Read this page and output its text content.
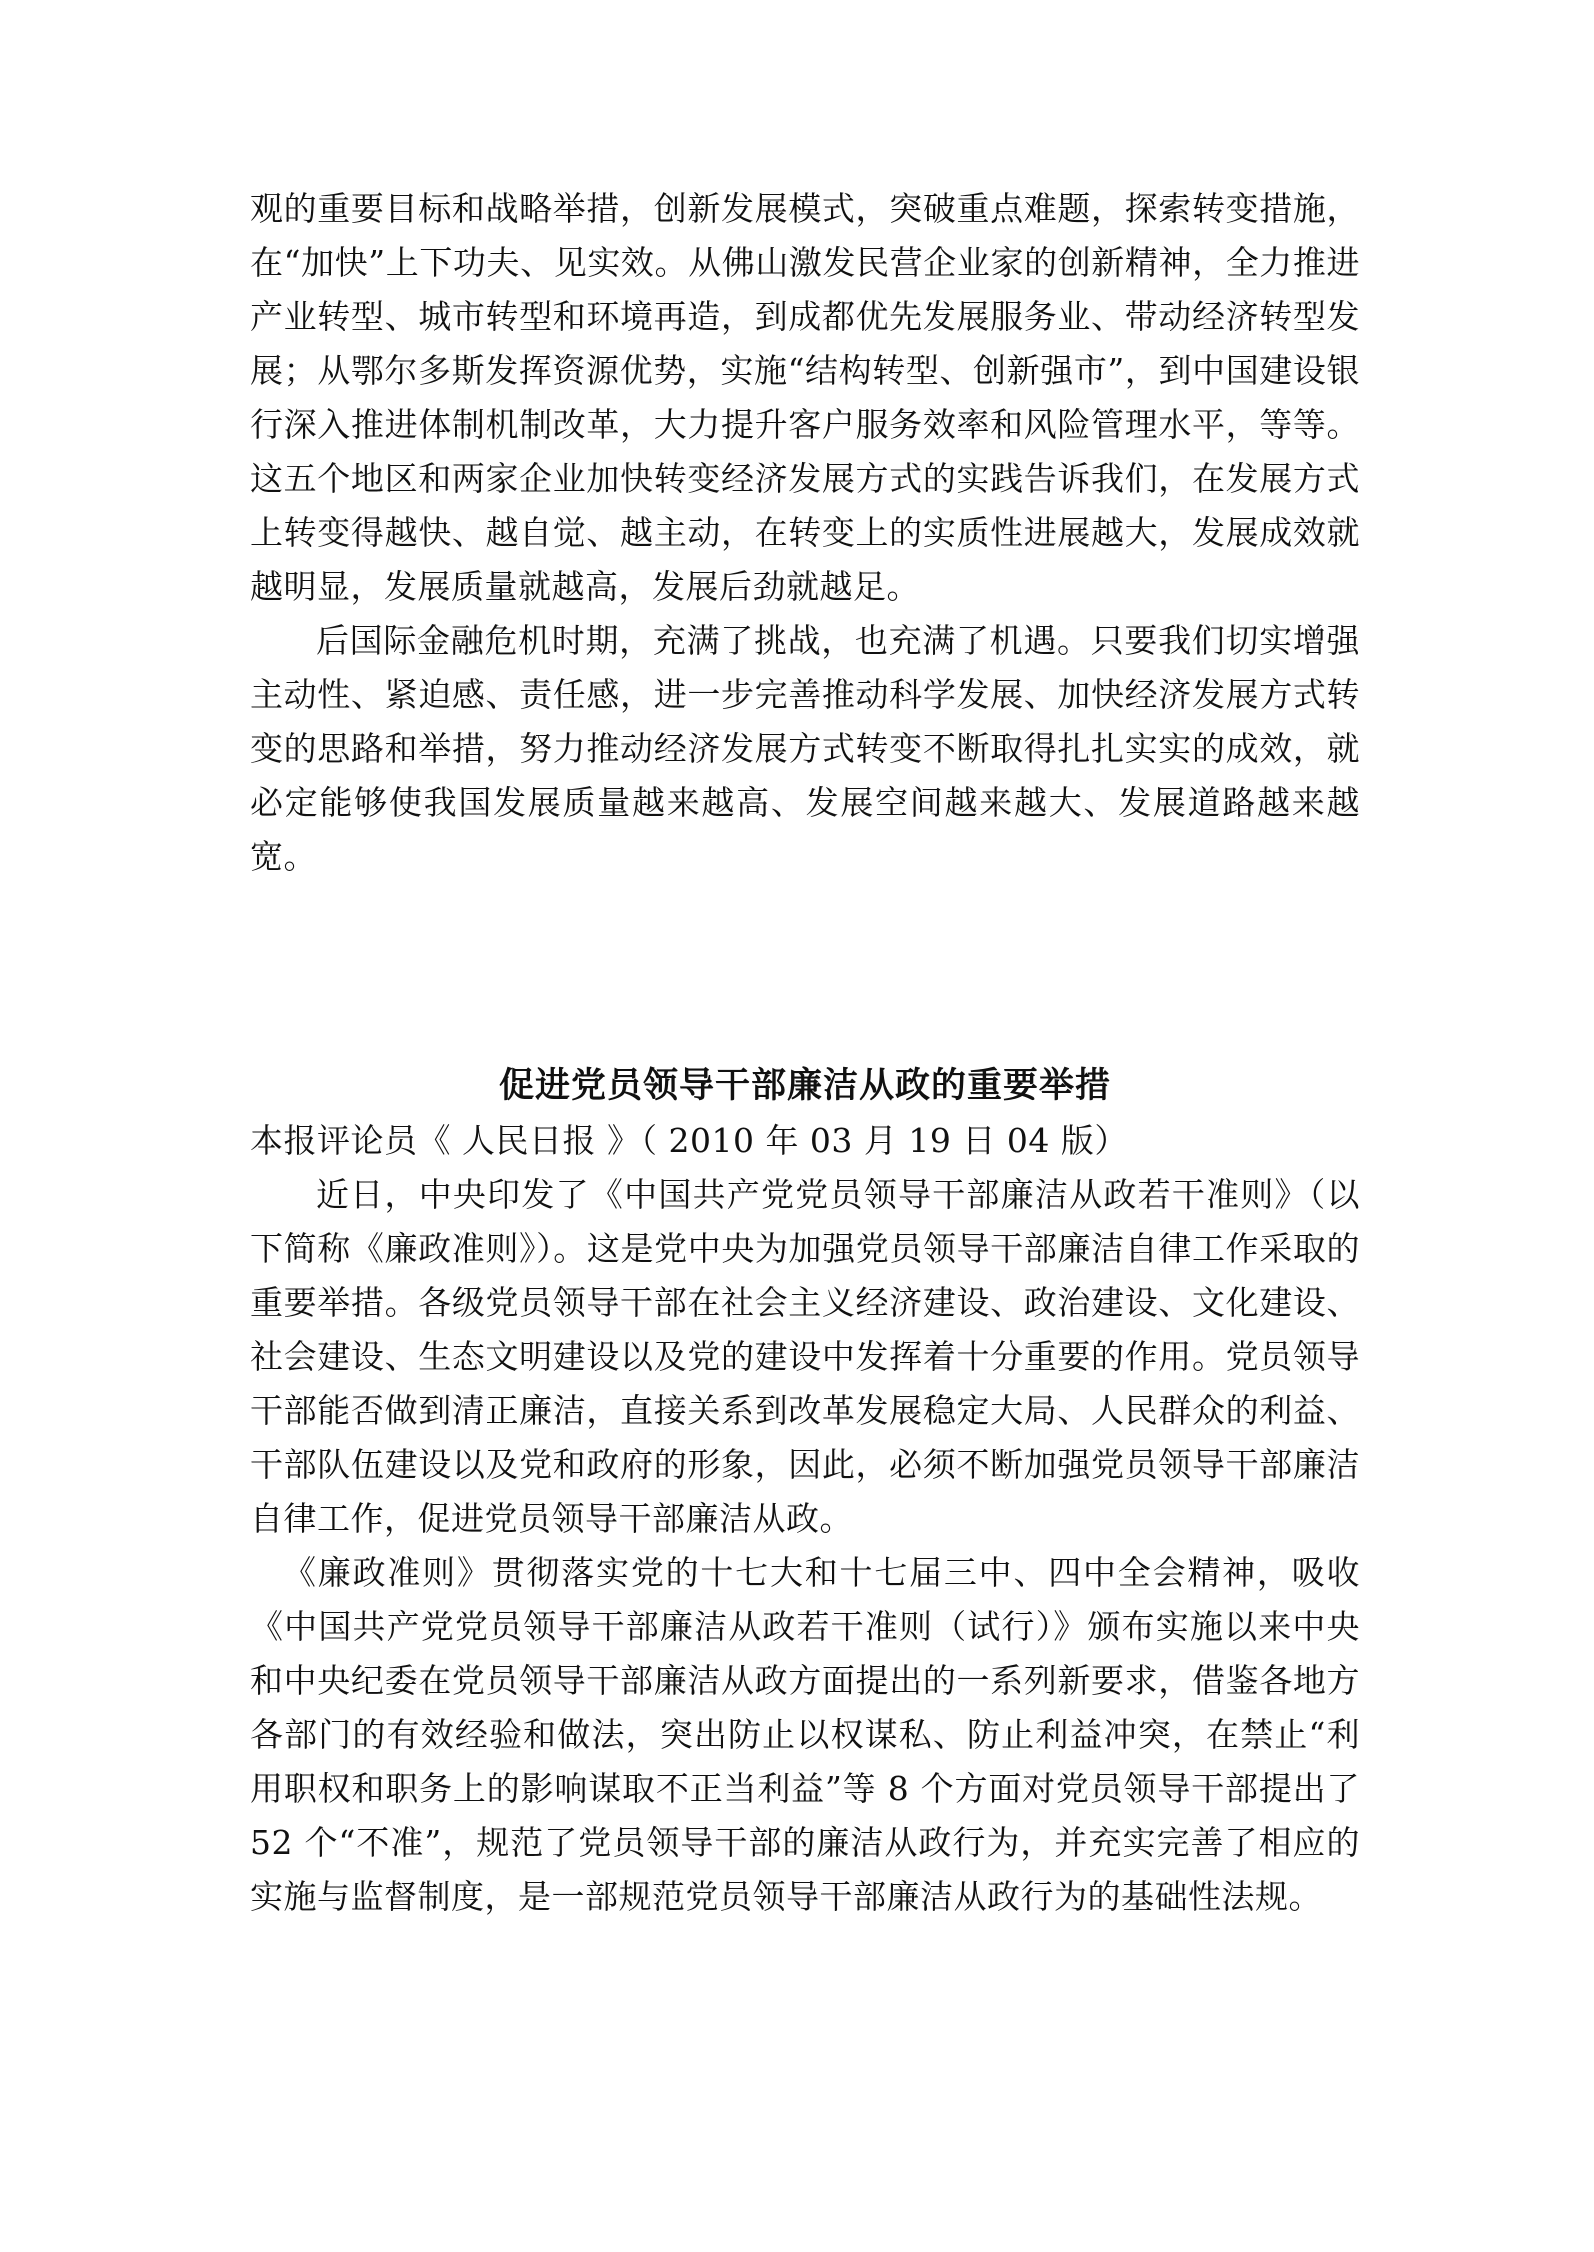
观的重要目标和战略举措，创新发展模式，突破重点难题，探索转变措施，在“加快”上下功夫、见实效。从佛山激发民营企业家的创新精神，全力推进产业转型、城市转型和环境再造，到成都优先发展服务业、带动经济转型发展；从鄂尔多斯发挥资源优势，实施“结构转型、创新强市”，到中国建设银行深入推进体制机制改革，大力提升客户服务效率和风险管理水平，等等。这五个地区和两家企业加快转变经济发展方式的实践告诉我们，在发展方式上转变得越快、越自觉、越主动，在转变上的实质性进展越大，发展成效就越明显，发展质量就越高，发展后劲就越足。

后国际金融危机时期，充满了挑战，也充满了机遇。只要我们切实增强主动性、紧迫感、责任感，进一步完善推动科学发展、加快经济发展方式转变的思路和举措，努力推动经济发展方式转变不断取得扎扎实实的成效，就必定能够使我国发展质量越来越高、发展空间越来越大、发展道路越来越宽。

促进党员领导干部廉洁从政的重要举措
本报评论员《 人民日报 》（ 2010 年 03 月 19 日 04 版）

近日，中央印发了《中国共产党党员领导干部廉洁从政若干准则》（以下简称《廉政准则》）。这是党中央为加强党员领导干部廉洁自律工作采取的重要举措。各级党员领导干部在社会主义经济建设、政治建设、文化建设、社会建设、生态文明建设以及党的建设中发挥着十分重要的作用。党员领导干部能否做到清正廉洁，直接关系到改革发展稳定大局、人民群众的利益、干部队伍建设以及党和政府的形象，因此，必须不断加强党员领导干部廉洁自律工作，促进党员领导干部廉洁从政。

《廉政准则》贯彻落实党的十七大和十七届三中、四中全会精神，吸收《中国共产党党员领导干部廉洁从政若干准则（试行）》颁布实施以来中央和中央纪委在党员领导干部廉洁从政方面提出的一系列新要求，借鉴各地方各部门的有效经验和做法，突出防止以权谋私、防止利益冲突，在禁止“利用职权和职务上的影响谋取不正当利益”等 8 个方面对党员领导干部提出了 52 个“不准”，规范了党员领导干部的廉洁从政行为，并充实完善了相应的实施与监督制度，是一部规范党员领导干部廉洁从政行为的基础性法规。
